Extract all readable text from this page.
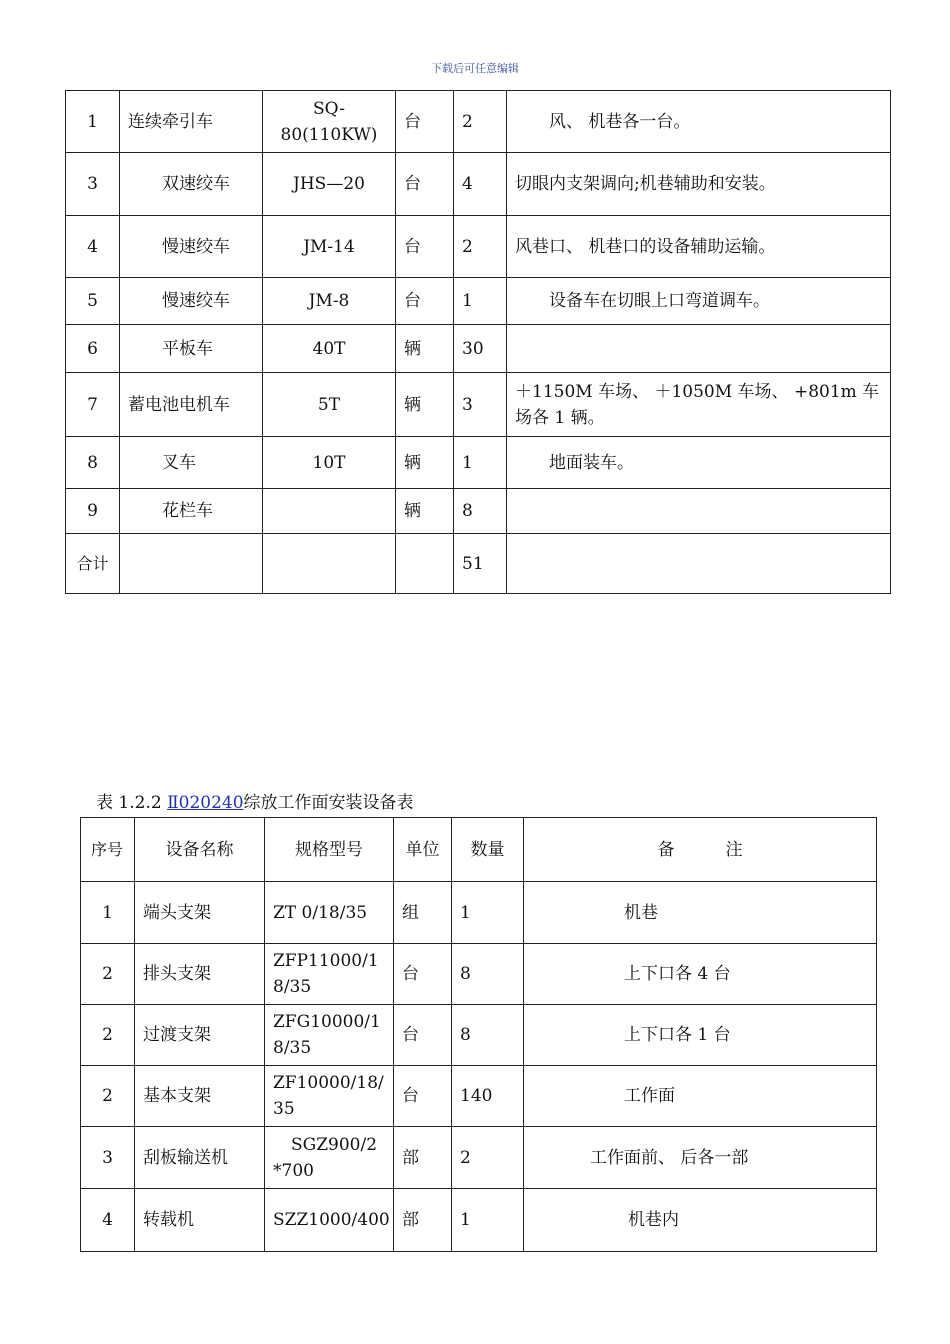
下载后可任意编辑
1	连续牵引车	SQ-80(110KW)	台	2	风、 机巷各一台。
3	双速绞车	JHS—20	台	4	切眼内支架调向;机巷辅助和安装。
4	慢速绞车	JM-14	台	2	风巷口、 机巷口的设备辅助运输。
5	慢速绞车	JM-8	台	1	设备车在切眼上口弯道调车。
6	平板车	40T	辆	30	
7	蓄电池电机车	5T	辆	3	＋1150M 车场、 ＋1050M 车场、 +801m 车场各 1 辆。
8	叉车	10T	辆	1	地面装车。
9	花栏车		辆	8	
合计				51	
表 1.2.2 Ⅱ020240综放工作面安装设备表
序号	设备名称	规格型号	单位	数量	备　　　注
1	端头支架	ZT 0/18/35	组	1	机巷
2	排头支架	ZFP11000/18/35	台	8	上下口各 4 台
2	过渡支架	ZFG10000/18/35	台	8	上下口各 1 台
2	基本支架	ZF10000/18/35	台	140	工作面
3	刮板输送机	SGZ900/2*700	部	2	工作面前、 后各一部
4	转载机	SZZ1000/400	部	1	机巷内
